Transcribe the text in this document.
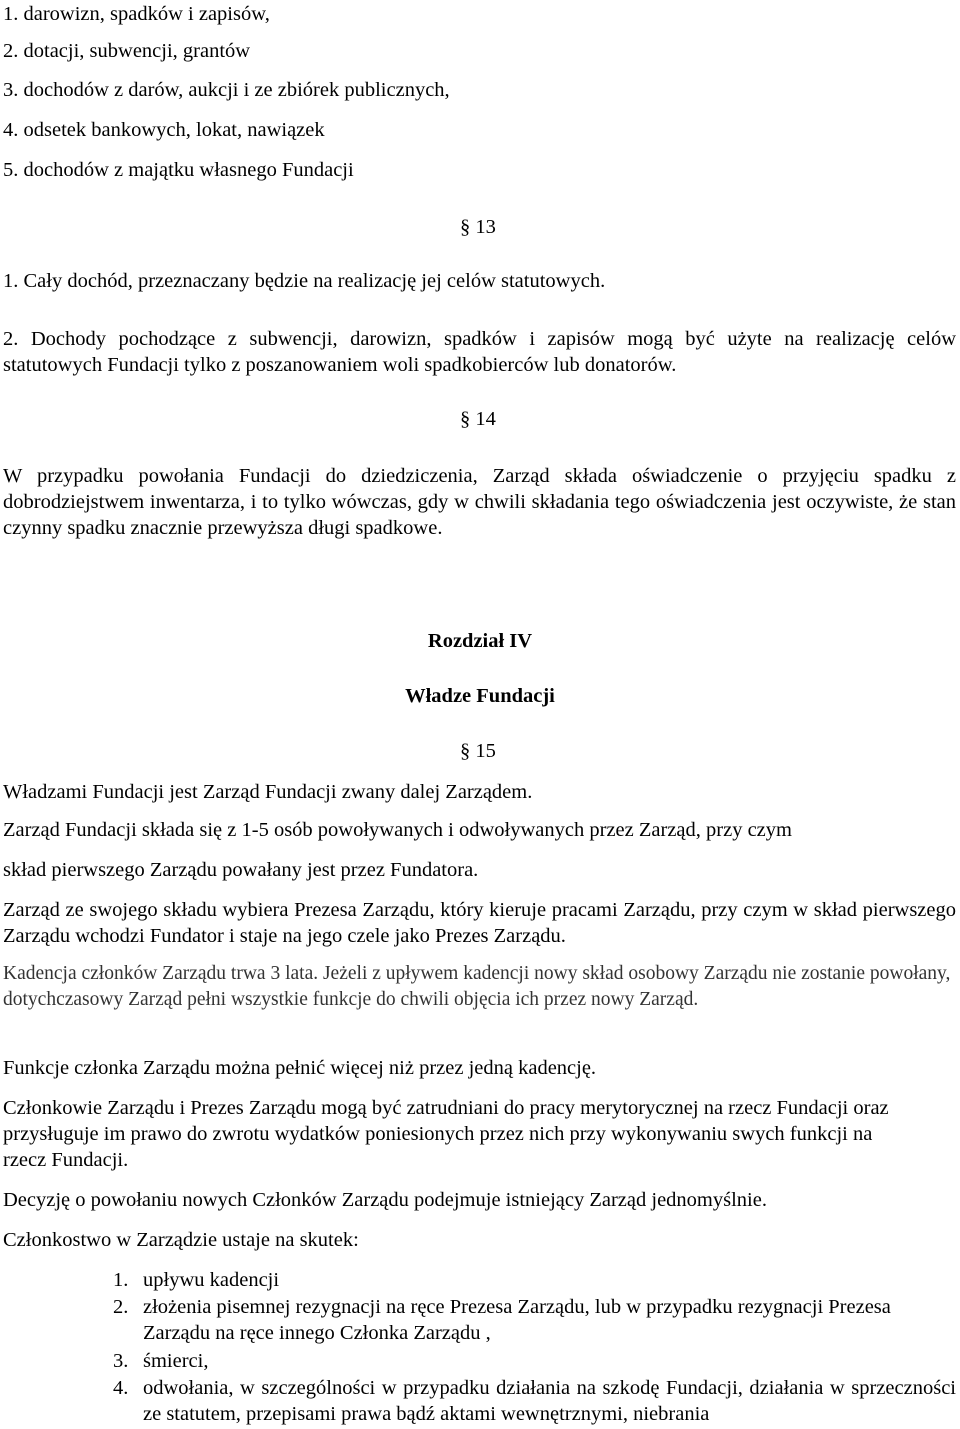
1. darowizn, spadków i zapisów,
2. dotacji, subwencji, grantów
3. dochodów z darów, aukcji i ze zbiórek publicznych,
4. odsetek bankowych, lokat, nawiązek
5. dochodów z majątku własnego Fundacji
§ 13
1. Cały dochód, przeznaczany będzie na realizację jej celów statutowych.
2. Dochody pochodzące z subwencji, darowizn, spadków i zapisów mogą być użyte na realizację celów statutowych Fundacji tylko z poszanowaniem woli spadkobierców lub donatorów.
§ 14
W przypadku powołania Fundacji do dziedziczenia, Zarząd składa oświadczenie o przyjęciu spadku z dobrodziejstwem inwentarza, i to tylko wówczas, gdy w chwili składania tego oświadczenia jest oczywiste, że stan czynny spadku znacznie przewyższa długi spadkowe.
Rozdział IV
Władze Fundacji
§ 15
Władzami Fundacji jest Zarząd Fundacji zwany dalej Zarządem.
Zarząd Fundacji składa się z 1-5 osób powoływanych i odwoływanych przez Zarząd, przy czym
skład pierwszego Zarządu powałany jest przez Fundatora.
Zarząd ze swojego składu wybiera Prezesa Zarządu, który kieruje pracami Zarządu, przy czym w skład pierwszego Zarządu wchodzi Fundator i staje na jego czele jako Prezes Zarządu.
Kadencja członków Zarządu trwa 3 lata. Jeżeli z upływem kadencji nowy skład osobowy Zarządu nie zostanie powołany, dotychczasowy Zarząd pełni wszystkie funkcje do chwili objęcia ich przez nowy Zarząd.
Funkcje członka Zarządu można pełnić więcej niż przez jedną kadencję.
Członkowie Zarządu i Prezes Zarządu mogą być zatrudniani do pracy merytorycznej na rzecz Fundacji oraz przysługuje im prawo do zwrotu wydatków poniesionych przez nich przy wykonywaniu swych funkcji na rzecz Fundacji.
Decyzję o powołaniu nowych Członków Zarządu podejmuje istniejący Zarząd jednomyślnie.
Członkostwo w Zarządzie ustaje na skutek:
1. upływu kadencji
2. złożenia pisemnej rezygnacji na ręce Prezesa Zarządu, lub w przypadku rezygnacji Prezesa Zarządu na ręce innego Członka Zarządu ,
3. śmierci,
4. odwołania, w szczególności w przypadku działania na szkodę Fundacji, działania w sprzeczności ze statutem, przepisami prawa bądź aktami wewnętrznymi, niebrania
